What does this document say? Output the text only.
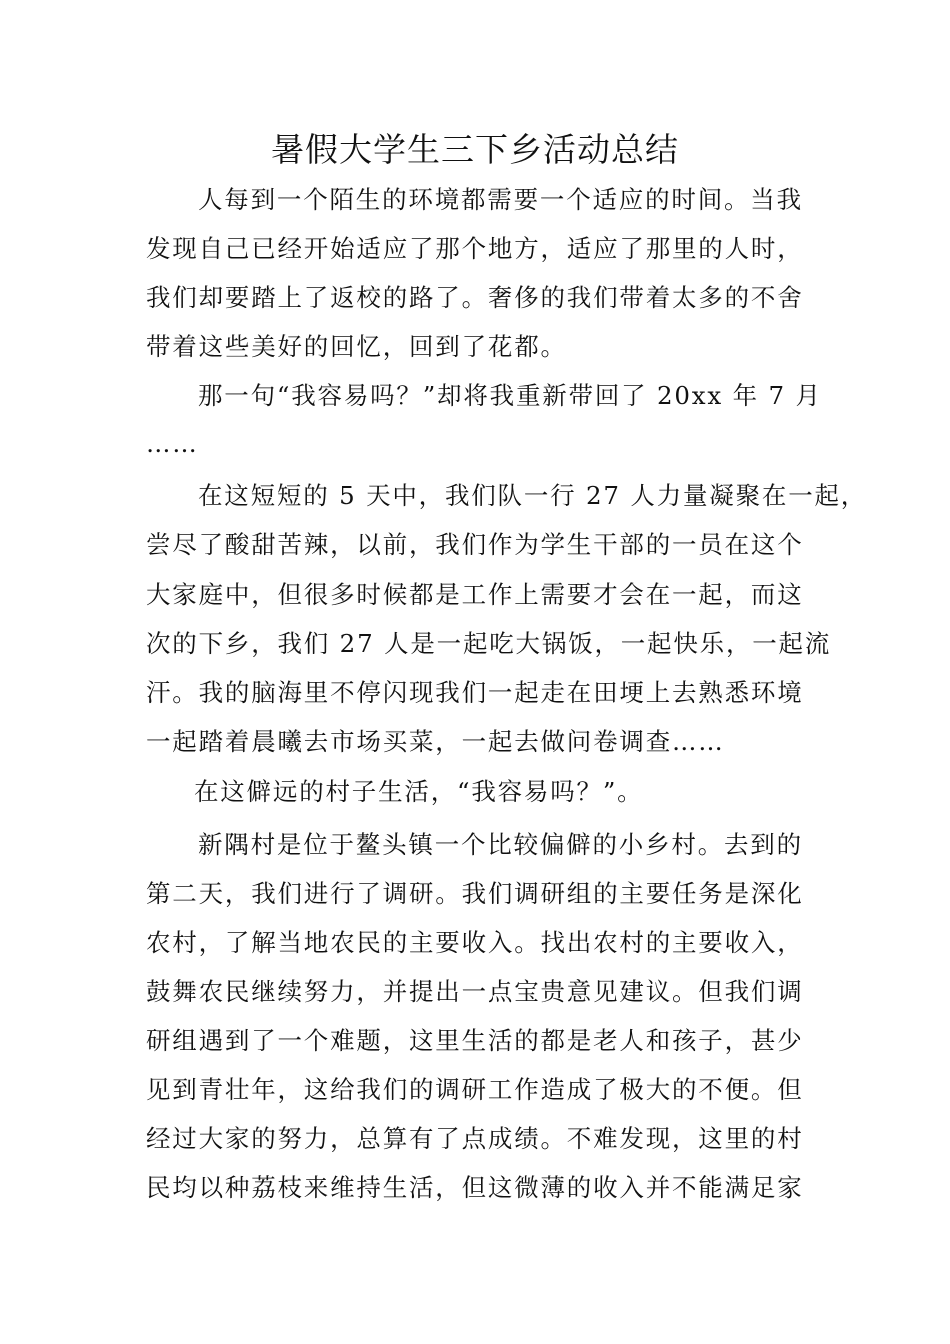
暑假大学生三下乡活动总结
人每到一个陌生的环境都需要一个适应的时间。当我
发现自己已经开始适应了那个地方，适应了那里的人时，
我们却要踏上了返校的路了。奢侈的我们带着太多的不舍
带着这些美好的回忆，回到了花都。
那一句“我容易吗？”却将我重新带回了 20xx 年 7 月
……
在这短短的 5 天中，我们队一行 27 人力量凝聚在一起，
尝尽了酸甜苦辣，以前，我们作为学生干部的一员在这个
大家庭中，但很多时候都是工作上需要才会在一起，而这
次的下乡，我们 27 人是一起吃大锅饭，一起快乐，一起流
汗。我的脑海里不停闪现我们一起走在田埂上去熟悉环境
一起踏着晨曦去市场买菜，一起去做问卷调查……
在这僻远的村子生活，“我容易吗？”。
新隅村是位于鳌头镇一个比较偏僻的小乡村。去到的
第二天，我们进行了调研。我们调研组的主要任务是深化
农村，了解当地农民的主要收入。找出农村的主要收入，
鼓舞农民继续努力，并提出一点宝贵意见建议。但我们调
研组遇到了一个难题，这里生活的都是老人和孩子，甚少
见到青壮年，这给我们的调研工作造成了极大的不便。但
经过大家的努力，总算有了点成绩。不难发现，这里的村
民均以种荔枝来维持生活，但这微薄的收入并不能满足家
